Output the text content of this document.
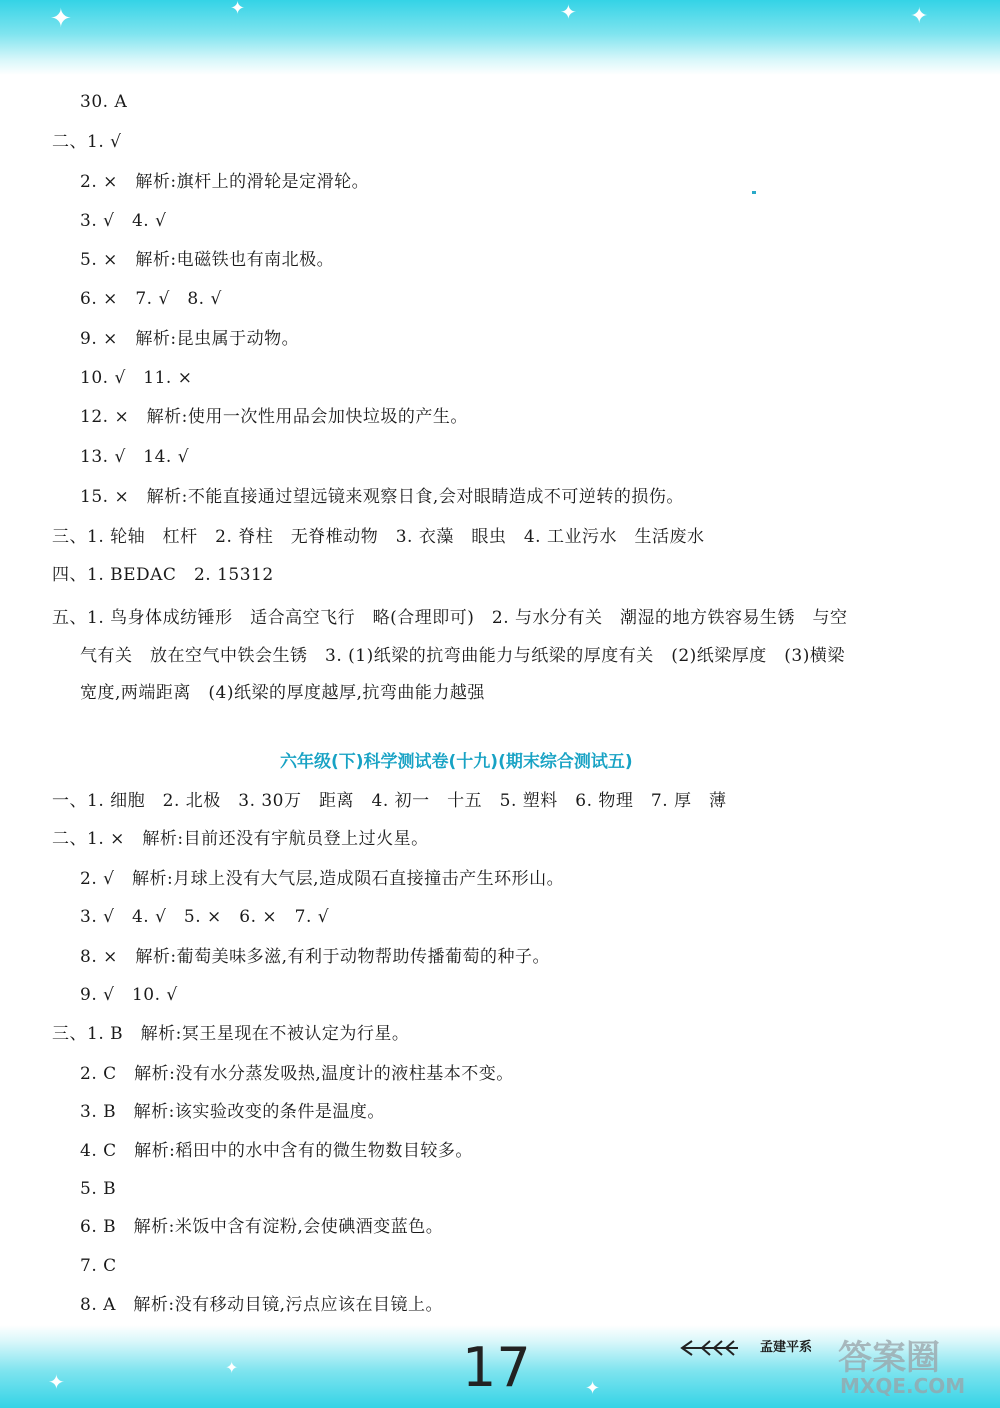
✦	✦	✦	✦
30. A
二、1. √
2. ×　解析:旗杆上的滑轮是定滑轮。
3. √　4. √
5. ×　解析:电磁铁也有南北极。
6. ×　7. √　8. √
9. ×　解析:昆虫属于动物。
10. √　11. ×
12. ×　解析:使用一次性用品会加快垃圾的产生。
13. √　14. √
15. ×　解析:不能直接通过望远镜来观察日食,会对眼睛造成不可逆转的损伤。
三、1. 轮轴　杠杆　2. 脊柱　无脊椎动物　3. 衣藻　眼虫　4. 工业污水　生活废水
四、1. BEDAC　2. 15312
五、1. 鸟身体成纺锤形　适合高空飞行　略(合理即可)　2. 与水分有关　潮湿的地方铁容易生锈　与空
气有关　放在空气中铁会生锈　3. (1)纸梁的抗弯曲能力与纸梁的厚度有关　(2)纸梁厚度　(3)横梁
宽度,两端距离　(4)纸梁的厚度越厚,抗弯曲能力越强
六年级(下)科学测试卷(十九)(期末综合测试五)
一、1. 细胞　2. 北极　3. 30万　距离　4. 初一　十五　5. 塑料　6. 物理　7. 厚　薄
二、1. ×　解析:目前还没有宇航员登上过火星。
2. √　解析:月球上没有大气层,造成陨石直接撞击产生环形山。
3. √　4. √　5. ×　6. ×　7. √
8. ×　解析:葡萄美味多滋,有利于动物帮助传播葡萄的种子。
9. √　10. √
三、1. B　解析:冥王星现在不被认定为行星。
2. C　解析:没有水分蒸发吸热,温度计的液柱基本不变。
3. B　解析:该实验改变的条件是温度。
4. C　解析:稻田中的水中含有的微生物数目较多。
5. B
6. B　解析:米饭中含有淀粉,会使碘酒变蓝色。
7. C
8. A　解析:没有移动目镜,污点应该在目镜上。
✦
✦
✦
17	孟建平系 答案圈
MXQE.COM
